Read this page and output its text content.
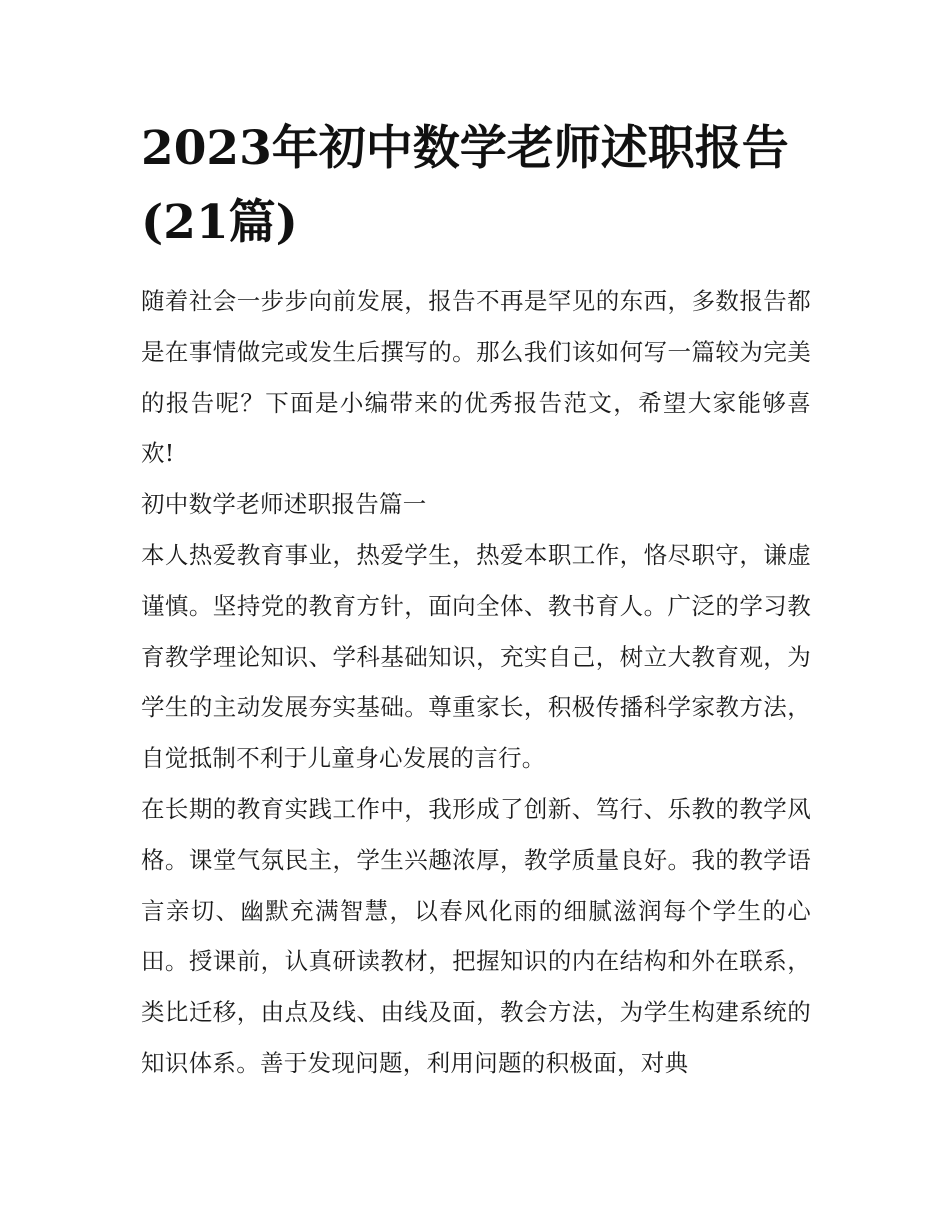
2023年初中数学老师述职报告(21篇)

随着社会一步步向前发展，报告不再是罕见的东西，多数报告都是在事情做完或发生后撰写的。那么我们该如何写一篇较为完美的报告呢？下面是小编带来的优秀报告范文，希望大家能够喜欢!

初中数学老师述职报告篇一

本人热爱教育事业，热爱学生，热爱本职工作，恪尽职守，谦虚谨慎。坚持党的教育方针，面向全体、教书育人。广泛的学习教育教学理论知识、学科基础知识，充实自己，树立大教育观，为学生的主动发展夯实基础。尊重家长，积极传播科学家教方法，自觉抵制不利于儿童身心发展的言行。

在长期的教育实践工作中，我形成了创新、笃行、乐教的教学风格。课堂气氛民主，学生兴趣浓厚，教学质量良好。我的教学语言亲切、幽默充满智慧，以春风化雨的细腻滋润每个学生的心田。授课前，认真研读教材，把握知识的内在结构和外在联系，类比迁移，由点及线、由线及面，教会方法，为学生构建系统的知识体系。善于发现问题，利用问题的积极面，对典
